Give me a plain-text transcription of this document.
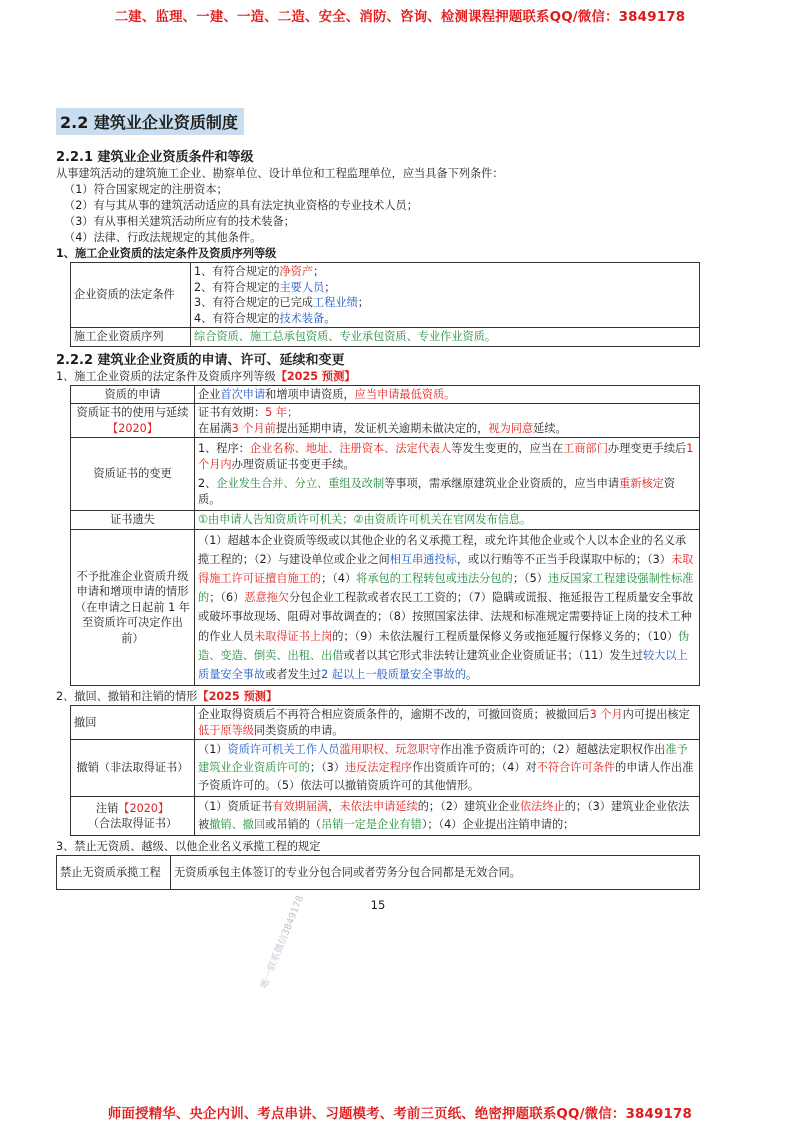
二建、监理、一建、一造、二造、安全、消防、咨询、检测课程押题联系QQ/微信：3849178
2.2 建筑业企业资质制度
2.2.1 建筑业企业资质条件和等级
从事建筑活动的建筑施工企业、勘察单位、设计单位和工程监理单位，应当具备下列条件：
（1）符合国家规定的注册资本；
（2）有与其从事的建筑活动适应的具有法定执业资格的专业技术人员；
（3）有从事相关建筑活动所应有的技术装备；
（4）法律、行政法规规定的其他条件。
1、施工企业资质的法定条件及资质序列等级
企业资质的法定条件	1、有符合规定的净资产；
2、有符合规定的主要人员；
3、有符合规定的已完成工程业绩；
4、有符合规定的技术装备。

施工企业资质序列	综合资质、施工总承包资质、专业承包资质、专业作业资质。
2.2.2 建筑业企业资质的申请、许可、延续和变更
1、施工企业资质的法定条件及资质序列等级【2025 预测】
资质的申请	企业首次申请和增项申请资质，应当申请最低资质。
资质证书的使用与延续【2020】	证书有效期：5 年；
在届满3 个月前提出延期申请，发证机关逾期未做决定的，视为同意延续。

资质证书的变更	1、程序：企业名称、地址、注册资本、法定代表人等发生变更的，应当在工商部门办理变更手续后1 个月内办理资质证书变更手续。
2、企业发生合并、分立、重组及改制等事项，需承继原建筑业企业资质的，应当申请重新核定资质。

证书遗失	①由申请人告知资质许可机关；②由资质许可机关在官网发布信息。
不予批准企业资质升级申请和增项申请的情形（在申请之日起前 1 年至资质许可决定作出前）	（1）超越本企业资质等级或以其他企业的名义承揽工程，或允许其他企业或个人以本企业的名义承揽工程的；（2）与建设单位或企业之间相互串通投标，或以行贿等不正当手段谋取中标的；（3）未取得施工许可证擅自施工的；（4）将承包的工程转包或违法分包的；（5）违反国家工程建设强制性标准的；（6）恶意拖欠分包企业工程款或者农民工工资的；（7）隐瞒或谎报、拖延报告工程质量安全事故或破坏事故现场、阻碍对事故调查的；（8）按照国家法律、法规和标准规定需要持证上岗的技术工种的作业人员未取得证书上岗的；（9）未依法履行工程质量保修义务或拖延履行保修义务的；（10）伪造、变造、倒卖、出租、出借或者以其它形式非法转让建筑业企业资质证书；（11）发生过较大以上质量安全事故或者发生过2 起以上一般质量安全事故的。
2、撤回、撤销和注销的情形【2025 预测】
撤回	企业取得资质后不再符合相应资质条件的，逾期不改的，可撤回资质；被撤回后3 个月内可提出核定低于原等级同类资质的申请。
撤销（非法取得证书）	（1）资质许可机关工作人员滥用职权、玩忽职守作出准予资质许可的；（2）超越法定职权作出准予建筑业企业资质许可的；（3）违反法定程序作出资质许可的；（4）对不符合许可条件的申请人作出准予资质许可的。（5）依法可以撤销资质许可的其他情形。

注销【2020】
（合法取得证书）	（1）资质证书有效期届满，未依法申请延续的；（2）建筑业企业依法终止的；（3）建筑业企业依法被撤销、撤回或吊销的（吊销一定是企业有错）；（4）企业提出注销申请的；
3、禁止无资质、越级、以他企业名义承揽工程的规定
禁止无资质承揽工程	无资质承包主体签订的专业分包合同或者劳务分包合同都是无效合同。
15
唯一联系微信3849178
师面授精华、央企内训、考点串讲、习题模考、考前三页纸、绝密押题联系QQ/微信：3849178
